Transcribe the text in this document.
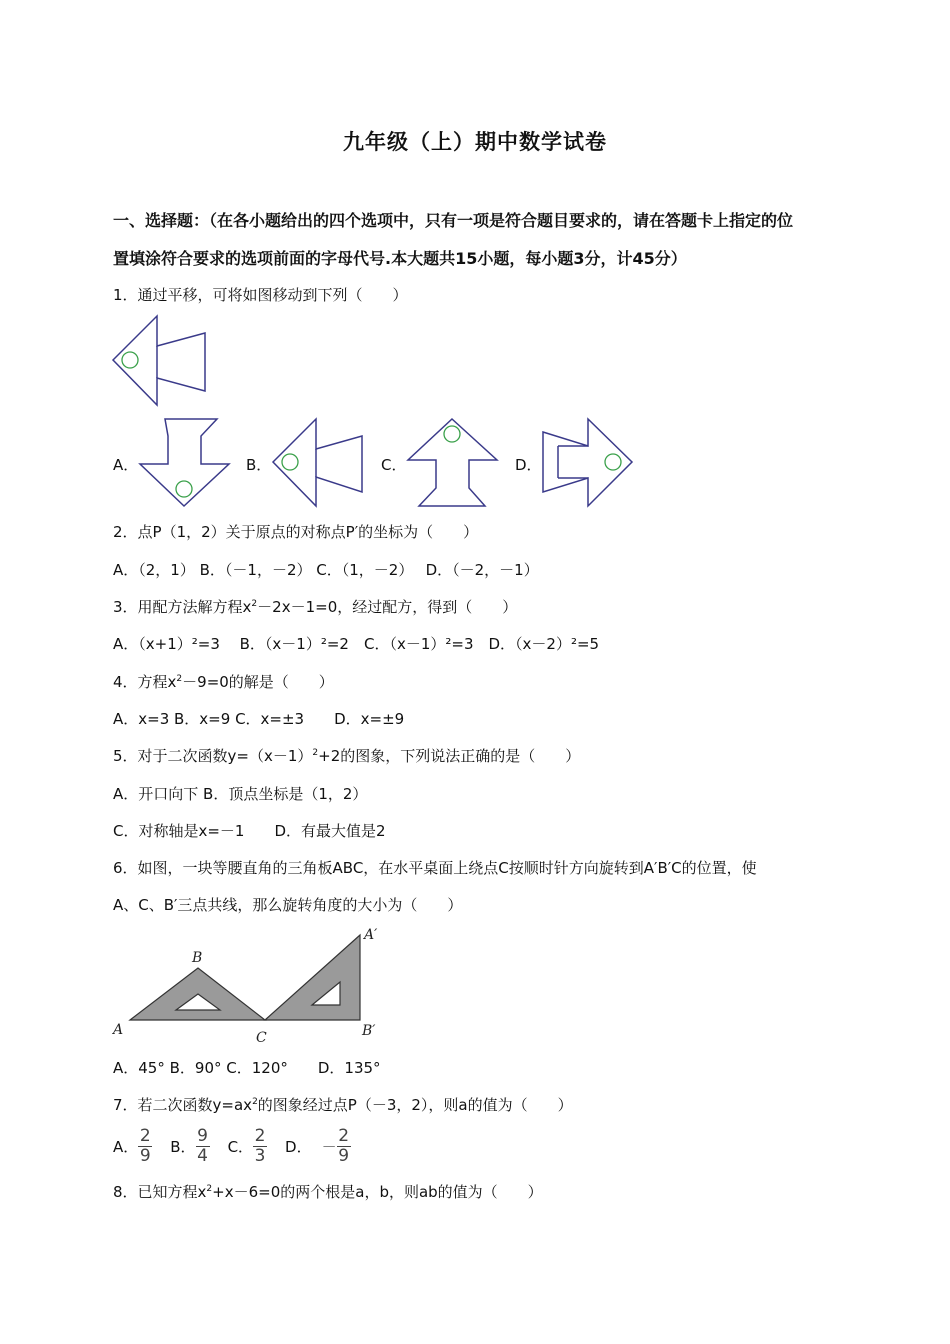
九年级（上）期中数学试卷
一、选择题：（在各小题给出的四个选项中，只有一项是符合题目要求的，请在答题卡上指定的位
置填涂符合要求的选项前面的字母代号.本大题共15小题，每小题3分，计45分）
1．通过平移，可将如图移动到下列（　　）
A．	B．	C．	D．
2．点P（1，2）关于原点的对称点P′的坐标为（　　）
A．（2，1） B．（－1，－2） C．（1，－2）　 D．（－2，－1）
3．用配方法解方程$x^2-2x-1=0$，经过配方，得到（　　）
A．（x+1）²=3　 B．（x－1）²=2　C．（x－1）²=3　D．（x－2）²=5
4．方程$x^2-9=0$的解是（　　）
A．x=3 B．x=9 C．x=±3　　D．x=±9
5．对于二次函数$y=(x-1)^2+2$的图象，下列说法正确的是（　　）
A．开口向下 B．顶点坐标是（1，2）
C．对称轴是x=－1　　D．有最大值是2
6．如图，一块等腰直角的三角板ABC，在水平桌面上绕点C按顺时针方向旋转到A′B′C的位置，使
A、C、B′三点共线，那么旋转角度的大小为（　　）
A
B
C
A′
B′
A．45° B．90° C．120°　　D．135°
7．若二次函数$y=ax^2$的图象经过点P（－3，2），则a的值为（　　）
A． $\frac{2}{9}$ B． $\frac{9}{4}$ C． $\frac{2}{3}$ D． － $\frac{2}{9}$
8．已知方程$x^2+x-6=0$的两个根是a，b，则ab的值为（　　）
